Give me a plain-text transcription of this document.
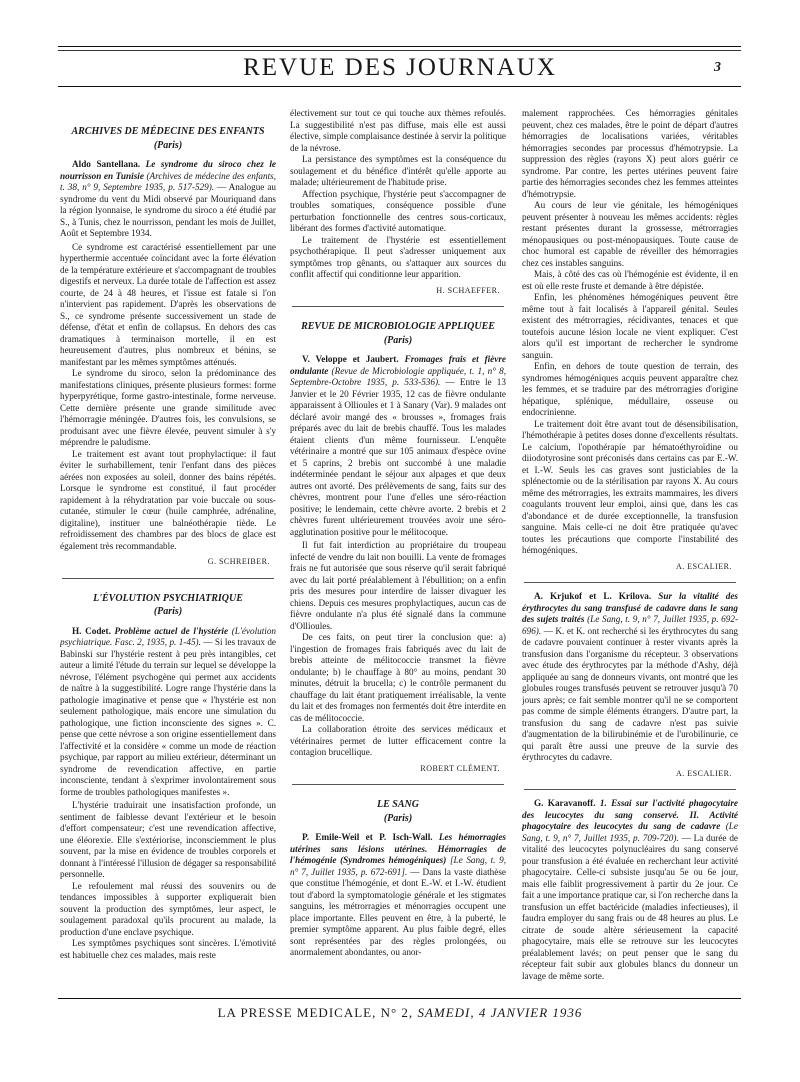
REVUE DES JOURNAUX	3
ARCHIVES DE MÉDECINE DES ENFANTS
(Paris)

Aldo Santellana. Le syndrome du siroco chez le nourrisson en Tunisie (Archives de médecine des enfants, t. 38, n° 9, Septembre 1935, p. 517-529). — Analogue au syndrome du vent du Midi observé par Mouriquand dans la région lyonnaise, le syndrome du siroco a été étudié par S., à Tunis, chez le nourrisson, pendant les mois de Juillet, Août et Septembre 1934.

Ce syndrome est caractérisé essentiellement par une hyperthermie accentuée coïncidant avec la forte élévation de la température extérieure et s'accompagnant de troubles digestifs et nerveux. La durée totale de l'affection est assez courte, de 24 à 48 heures, et l'issue est fatale si l'on n'intervient pas rapidement. D'après les observations de S., ce syndrome présente successivement un stade de défense, d'état et enfin de collapsus. En dehors des cas dramatiques à terminaison mortelle, il en est heureusement d'autres, plus nombreux et bénins, se manifestant par les mêmes symptômes atténués.

Le syndrome du siroco, selon la prédominance des manifestations cliniques, présente plusieurs formes: forme hyperpyrétique, forme gastro-intestinale, forme nerveuse. Cette dernière présente une grande similitude avec l'hémorragie méningée. D'autres fois, les convulsions, se produisant avec une fièvre élevée, peuvent simuler à s'y méprendre le paludisme.

Le traitement est avant tout prophylactique: il faut éviter le surhabillement, tenir l'enfant dans des pièces aérées non exposées au soleil, donner des bains répétés. Lorsque le syndrome est constitué, il faut procéder rapidement à la réhydratation par voie buccale ou sous-cutanée, stimuler le cœur (huile camphrée, adrénaline, digitaline), instituer une balnéothérapie tiède. Le refroidissement des chambres par des blocs de glace est également très recommandable.

G. SCHREIBER.
L'ÉVOLUTION PSYCHIATRIQUE
(Paris)

H. Codet. Problème actuel de l'hystérie (L'évolution psychiatrique. Fasc. 2, 1935, p. 1-45). — Si les travaux de Babinski sur l'hystérie restent à peu près intangibles, cet auteur a limité l'étude du terrain sur lequel se développe la névrose, l'élément psychogène qui permet aux accidents de naître à la suggestibilité. Logre range l'hystérie dans la pathologie imaginative et pense que « l'hystérie est non seulement pathologique, mais encore une simulation du pathologique, une fiction inconsciente des signes ». C. pense que cette névrose a son origine essentiellement dans l'affectivité et la considère « comme un mode de réaction psychique, par rapport au milieu extérieur, déterminant un syndrome de revendication affective, en partie inconsciente, tendant à s'exprimer involontairement sous forme de troubles pathologiques manifestes ».

L'hystérie traduirait une insatisfaction profonde, un sentiment de faiblesse devant l'extérieur et le besoin d'effort compensateur; c'est une revendication affective, une éléorexie. Elle s'extériorise, inconsciemment le plus souvent, par la mise en évidence de troubles corporels et donnant à l'intéressé l'illusion de dégager sa responsabilité personnelle.

Le refoulement mal réussi des souvenirs ou de tendances impossibles à supporter expliquerait bien souvent la production des symptômes, leur aspect, le soulagement paradoxal qu'ils procurent au malade, la production d'une enclave psychique.

Les symptômes psychiques sont sincères. L'émotivité est habituelle chez ces malades, mais reste

électivement sur tout ce qui touche aux thèmes refoulés. La suggestibilité n'est pas diffuse, mais elle est aussi élective, simple complaisance destinée à servir la politique de la névrose.

La persistance des symptômes est la conséquence du soulagement et du bénéfice d'intérêt qu'elle apporte au malade; ultérieurement de l'habitude prise.

Affection psychique, l'hystérie peut s'accompagner de troubles somatiques, conséquence possible d'une perturbation fonctionnelle des centres sous-corticaux, libérant des formes d'activité automatique.

Le traitement de l'hystérie est essentiellement psychothérapique. Il peut s'adresser uniquement aux symptômes trop gênants, ou s'attaquer aux sources du conflit affectif qui conditionne leur apparition.

H. SCHAEFFER.
REVUE DE MICROBIOLOGIE APPLIQUEE
(Paris)

V. Veloppe et Jaubert. Fromages frais et fièvre ondulante (Revue de Microbiologie appliquée, t. 1, n° 8, Septembre-Octobre 1935, p. 533-536). — Entre le 13 Janvier et le 20 Février 1935, 12 cas de fièvre ondulante apparaissent à Ollioules et 1 à Sanary (Var). 9 malades ont déclaré avoir mangé des « brousses », fromages frais préparés avec du lait de brebis chauffé. Tous les malades étaient clients d'un même fournisseur. L'enquête vétérinaire a montré que sur 105 animaux d'espèce ovine et 5 caprins, 2 brebis ont succombé à une maladie indéterminée pendant le séjour aux alpages et que deux autres ont avorté. Des prélèvements de sang, faits sur des chèvres, montrent pour l'une d'elles une séro-réaction positive; le lendemain, cette chèvre avorte. 2 brebis et 2 chèvres furent ultérieurement trouvées avoir une séro-agglutination positive pour le mélitocoque.

Il fut fait interdiction au propriétaire du troupeau infecté de vendre du lait non bouilli. La vente de fromages frais ne fut autorisée que sous réserve qu'il serait fabriqué avec du lait porté préalablement à l'ébullition; on a enfin pris des mesures pour interdire de laisser divaguer les chiens. Depuis ces mesures prophylactiques, aucun cas de fièvre ondulante n'a plus été signalé dans la commune d'Ollioules.

De ces faits, on peut tirer la conclusion que: a) l'ingestion de fromages frais fabriqués avec du lait de brebis atteinte de mélitococcie transmet la fièvre ondulante; b) le chauffage à 80° au moins, pendant 30 minutes, détruit la brucella; c) le contrôle permanent du chauffage du lait étant pratiquement irréalisable, la vente du lait et des fromages non fermentés doit être interdite en cas de mélitococcie.

La collaboration étroite des services médicaux et vétérinaires permet de lutter efficacement contre la contagion brucellique.

ROBERT CLÉMENT.
LE SANG
(Paris)

P. Emile-Weil et P. Isch-Wall. Les hémorragies utérines sans lésions utérines. Hémorragies de l'hémogénie (Syndromes hémogéniques) [Le Sang, t. 9, n° 7, Juillet 1935, p. 672-691]. — Dans la vaste diathèse que constitue l'hémogénie, et dont E.-W. et I.-W. étudient tout d'abord la symptomatologie générale et les stigmates sanguins, les métrorragies et ménorragies occupent une place importante. Elles peuvent en être, à la puberté, le premier symptôme apparent. Au plus faible degré, elles sont représentées par des règles prolongées, ou anormalement abondantes, ou anor-

malement rapprochées. Ces hémorragies génitales peuvent, chez ces malades, être le point de départ d'autres hémorragies de localisations variées, véritables hémorragies secondes par processus d'hémotrypsie. La suppression des règles (rayons X) peut alors guérir ce syndrome. Par contre, les pertes utérines peuvent faire partie des hémorragies secondes chez les femmes atteintes d'hémotrypsie.

Au cours de leur vie génitale, les hémogéniques peuvent présenter à nouveau les mêmes accidents: règles restant présentes durant la grossesse, métrorragies ménopausiques ou post-ménopausiques. Toute cause de choc humoral est capable de réveiller des hémorragies chez ces instables sanguins.

Mais, à côté des cas où l'hémogénie est évidente, il en est où elle reste fruste et demande à être dépistée.

Enfin, les phénomènes hémogéniques peuvent être même tout à fait localisés à l'appareil génital. Seules existent des métrorragies, récidivantes, tenaces et que toutefois aucune lésion locale ne vient expliquer. C'est alors qu'il est important de rechercher le syndrome sanguin.

Enfin, en dehors de toute question de terrain, des syndromes hémogéniques acquis peuvent apparaître chez les femmes, et se traduire par des métrorragies d'origine hépatique, splénique, médullaire, osseuse ou endocrinienne.

Le traitement doit être avant tout de désensibilisation, l'hémothérapie à petites doses donne d'excellents résultats. Le calcium, l'opothérapie par hématoéthyroïdine ou diiodotyrosine sont préconisés dans certains cas par E.-W. et I.-W. Seuls les cas graves sont justiciables de la splénectomie ou de la stérilisation par rayons X. Au cours même des métrorragies, les extraits mammaires, les divers coagulants trouvent leur emploi, ainsi que, dans les cas d'abondance et de durée exceptionnelle, la transfusion sanguine. Mais celle-ci ne doit être pratiquée qu'avec toutes les précautions que comporte l'instabilité des hémogéniques.

A. ESCALIER.

A. Krjukof et L. Krilova. Sur la vitalité des érythrocytes du sang transfusé de cadavre dans le sang des sujets traités (Le Sang, t. 9, n° 7, Juillet 1935, p. 692-696). — K. et K. ont recherché si les érythrocytes du sang de cadavre pouvaient continuer à rester vivants après la transfusion dans l'organisme du récepteur. 3 observations avec étude des érythrocytes par la méthode d'Ashy, déjà appliquée au sang de donneurs vivants, ont montré que les globules rouges transfusés peuvent se retrouver jusqu'à 70 jours après; ce fait semble montrer qu'il ne se comportent pas comme de simple éléments étrangers. D'autre part, la transfusion du sang de cadavre n'est pas suivie d'augmentation de la bilirubinémie et de l'urobilinurie, ce qui paraît être aussi une preuve de la survie des érythrocytes du cadavre.

A. ESCALIER.

G. Karavanoff. 1. Essai sur l'activité phagocytaire des leucocytes du sang conservé. II. Activité phagocytaire des leucocytes du sang de cadavre (Le Sang, t. 9, n° 7, Juillet 1935, p. 709-720). — La durée de vitalité des leucocytes polynucléaires du sang conservé pour transfusion a été évaluée en recherchant leur activité phagocytaire. Celle-ci subsiste jusqu'au 5e ou 6e jour, mais elle faiblit progressivement à partir du 2e jour. Ce fait a une importance pratique car, si l'on recherche dans la transfusion un effet bactéricide (maladies infectieuses), il faudra employer du sang frais ou de 48 heures au plus. Le citrate de soude altère sérieusement la capacité phagocytaire, mais elle se retrouve sur les leucocytes préalablement lavés; on peut penser que le sang du récepteur fait subir aux globules blancs du donneur un lavage de même sorte.

LA PRESSE MEDICALE, N° 2, SAMEDI, 4 JANVIER 1936
